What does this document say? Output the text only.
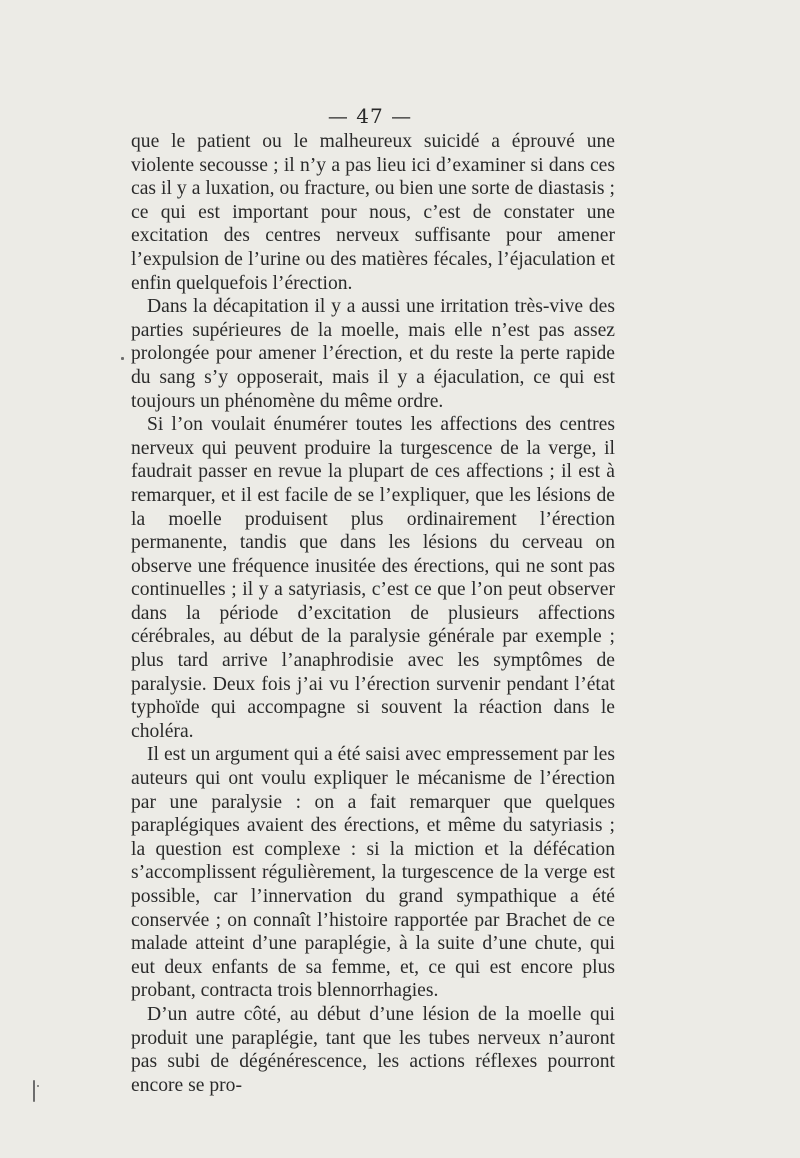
— 47 —

que le patient ou le malheureux suicidé a éprouvé une violente secousse ; il n’y a pas lieu ici d’examiner si dans ces cas il y a luxation, ou fracture, ou bien une sorte de diastasis ; ce qui est important pour nous, c’est de constater une excitation des centres nerveux suffisante pour amener l’expulsion de l’urine ou des matières fécales, l’éjaculation et enfin quelquefois l’érection.

Dans la décapitation il y a aussi une irritation très-vive des parties supérieures de la moelle, mais elle n’est pas assez prolongée pour amener l’érection, et du reste la perte rapide du sang s’y opposerait, mais il y a éjaculation, ce qui est toujours un phénomène du même ordre.

Si l’on voulait énumérer toutes les affections des centres nerveux qui peuvent produire la turgescence de la verge, il faudrait passer en revue la plupart de ces affections ; il est à remarquer, et il est facile de se l’expliquer, que les lésions de la moelle produisent plus ordinairement l’érection permanente, tandis que dans les lésions du cerveau on observe une fréquence inusitée des érections, qui ne sont pas continuelles ; il y a satyriasis, c’est ce que l’on peut observer dans la période d’excitation de plusieurs affections cérébrales, au début de la paralysie générale par exemple ; plus tard arrive l’anaphrodisie avec les symptômes de paralysie. Deux fois j’ai vu l’érection survenir pendant l’état typhoïde qui accompagne si souvent la réaction dans le choléra.

Il est un argument qui a été saisi avec empressement par les auteurs qui ont voulu expliquer le mécanisme de l’érection par une paralysie : on a fait remarquer que quelques paraplégiques avaient des érections, et même du satyriasis ; la question est complexe : si la miction et la défécation s’accomplissent régulièrement, la turgescence de la verge est possible, car l’innervation du grand sympathique a été conservée ; on connaît l’histoire rapportée par Brachet de ce malade atteint d’une paraplégie, à la suite d’une chute, qui eut deux enfants de sa femme, et, ce qui est encore plus probant, contracta trois blennorrhagies.

D’un autre côté, au début d’une lésion de la moelle qui produit une paraplégie, tant que les tubes nerveux n’auront pas subi de dégénérescence, les actions réflexes pourront encore se pro-
